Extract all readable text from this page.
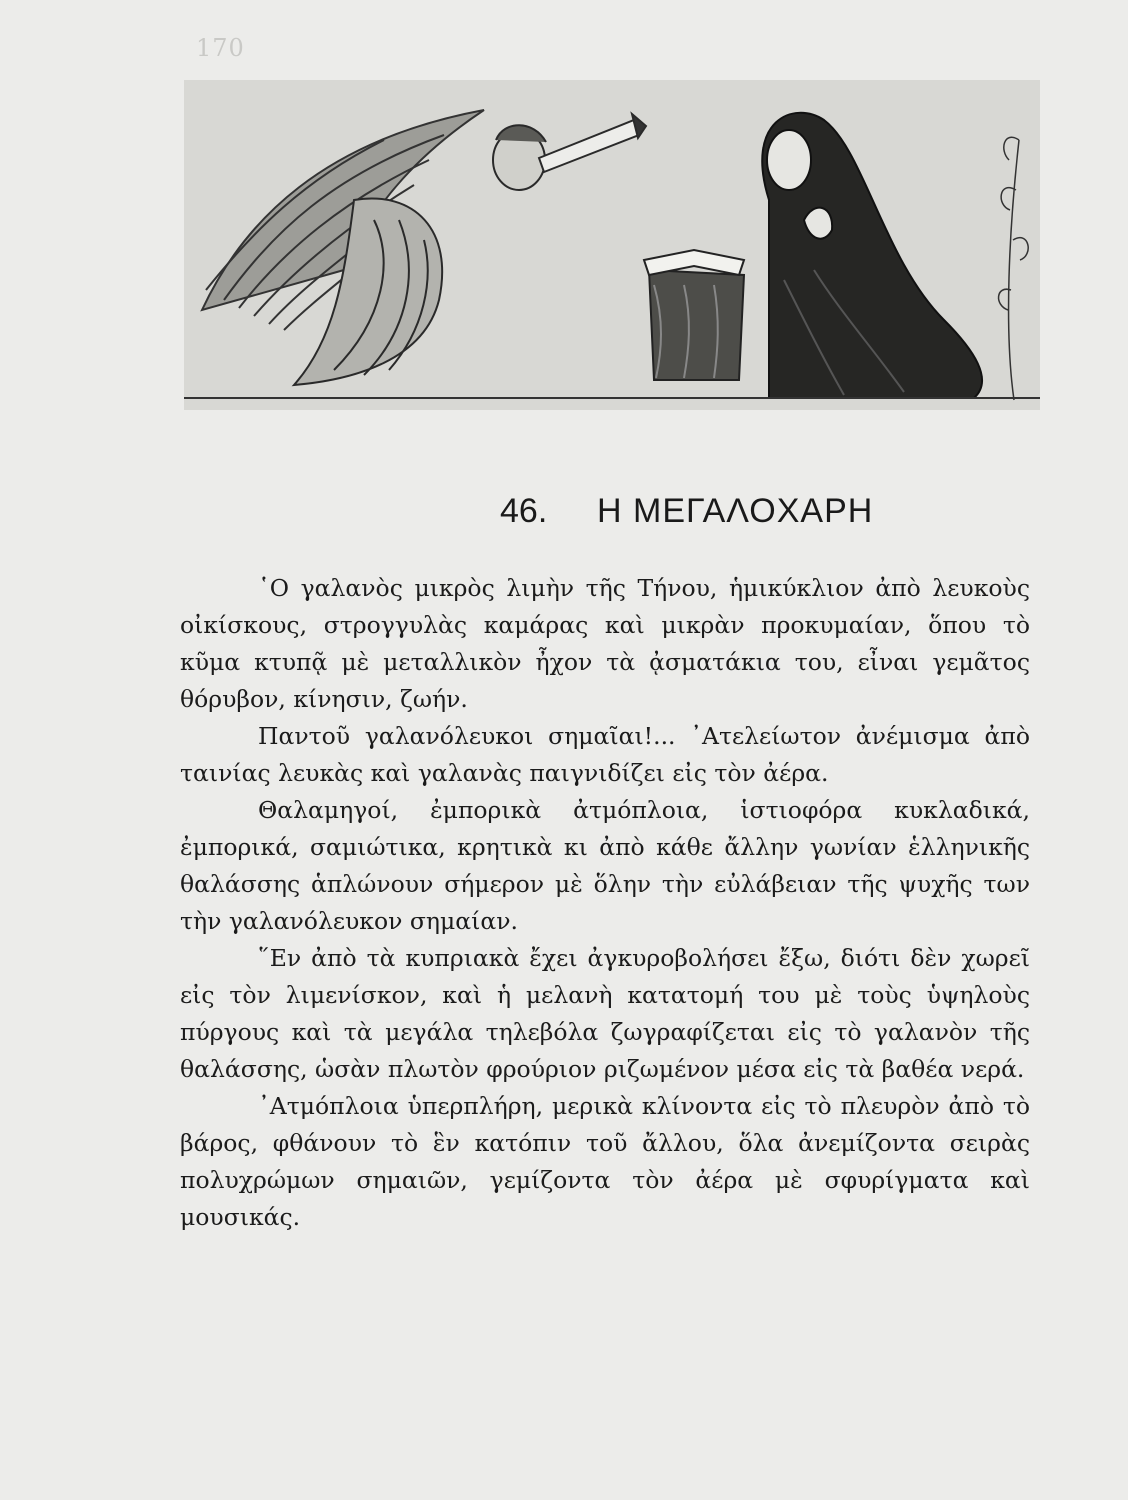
170
46. Η ΜΕΓΑΛΟΧΑΡΗ

῾Ο γαλανὸς μικρὸς λιμὴν τῆς Τήνου, ἡμικύκλιον ἀπὸ λευκοὺς οἰκίσκους, στρογγυλὰς καμάρας καὶ μικρὰν προκυμαίαν, ὅπου τὸ κῦμα κτυπᾷ μὲ μεταλλικὸν ἦχον τὰ ᾀσματάκια του, εἶναι γεμᾶτος θόρυβον, κίνησιν, ζωήν.

Παντοῦ γαλανόλευκοι σημαῖαι!... ᾿Ατελείωτον ἀνέμισμα ἀπὸ ταινίας λευκὰς καὶ γαλανὰς παιγνιδίζει εἰς τὸν ἀέρα.

Θαλαμηγοί, ἐμπορικὰ ἀτμόπλοια, ἱστιοφόρα κυκλαδικά, ἐμπορικά, σαμιώτικα, κρητικὰ κι ἀπὸ κάθε ἄλλην γωνίαν ἑλληνικῆς θαλάσσης ἁπλώνουν σήμερον μὲ ὅλην τὴν εὐλάβειαν τῆς ψυχῆς των τὴν γαλανόλευκον σημαίαν.

῞Εν ἀπὸ τὰ κυπριακὰ ἔχει ἀγκυροβολήσει ἔξω, διότι δὲν χωρεῖ εἰς τὸν λιμενίσκον, καὶ ἡ μελανὴ κατατομή του μὲ τοὺς ὑψηλοὺς πύργους καὶ τὰ μεγάλα τηλεβόλα ζωγραφίζεται εἰς τὸ γαλανὸν τῆς θαλάσσης, ὡσὰν πλωτὸν φρούριον ριζωμένον μέσα εἰς τὰ βαθέα νερά.

᾿Ατμόπλοια ὑπερπλήρη, μερικὰ κλίνοντα εἰς τὸ πλευρὸν ἀπὸ τὸ βάρος, φθάνουν τὸ ἓν κατόπιν τοῦ ἄλλου, ὅλα ἀνεμίζοντα σειρὰς πολυχρώμων σημαιῶν, γεμίζοντα τὸν ἀέρα μὲ σφυρίγματα καὶ μουσικάς.
